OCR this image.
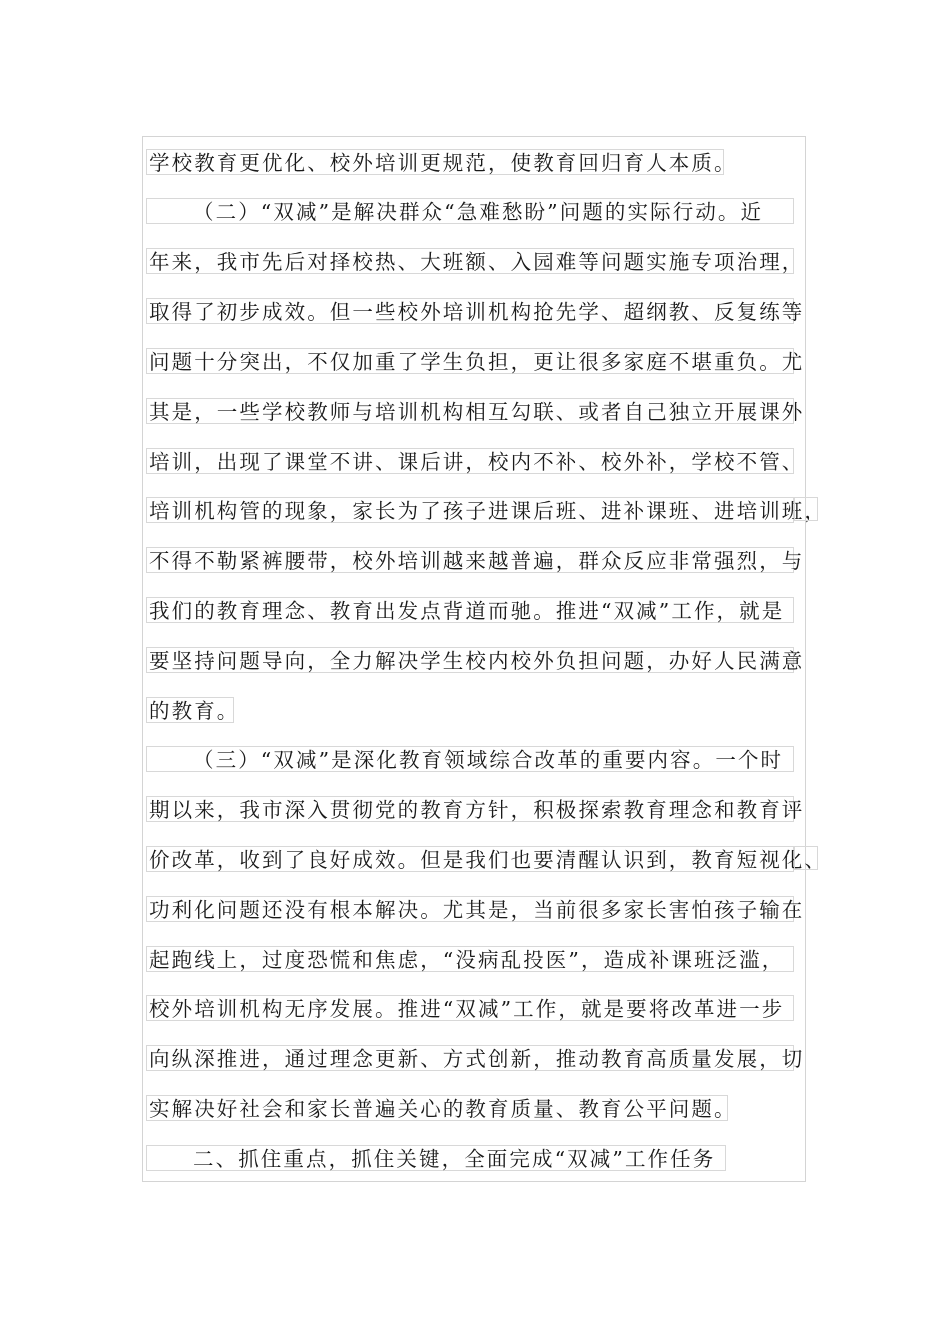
学校教育更优化、校外培训更规范，使教育回归育人本质。
（二）“双减”是解决群众“急难愁盼”问题的实际行动。近
年来，我市先后对择校热、大班额、入园难等问题实施专项治理，
取得了初步成效。但一些校外培训机构抢先学、超纲教、反复练等
问题十分突出，不仅加重了学生负担，更让很多家庭不堪重负。尤
其是，一些学校教师与培训机构相互勾联、或者自己独立开展课外
培训，出现了课堂不讲、课后讲，校内不补、校外补，学校不管、
培训机构管的现象，家长为了孩子进课后班、进补课班、进培训班，
不得不勒紧裤腰带，校外培训越来越普遍，群众反应非常强烈，与
我们的教育理念、教育出发点背道而驰。推进“双减”工作，就是
要坚持问题导向，全力解决学生校内校外负担问题，办好人民满意
的教育。
（三）“双减”是深化教育领域综合改革的重要内容。一个时
期以来，我市深入贯彻党的教育方针，积极探索教育理念和教育评
价改革，收到了良好成效。但是我们也要清醒认识到，教育短视化、
功利化问题还没有根本解决。尤其是，当前很多家长害怕孩子输在
起跑线上，过度恐慌和焦虑，“没病乱投医”，造成补课班泛滥，
校外培训机构无序发展。推进“双减”工作，就是要将改革进一步
向纵深推进，通过理念更新、方式创新，推动教育高质量发展，切
实解决好社会和家长普遍关心的教育质量、教育公平问题。
二、抓住重点，抓住关键，全面完成“双减”工作任务
